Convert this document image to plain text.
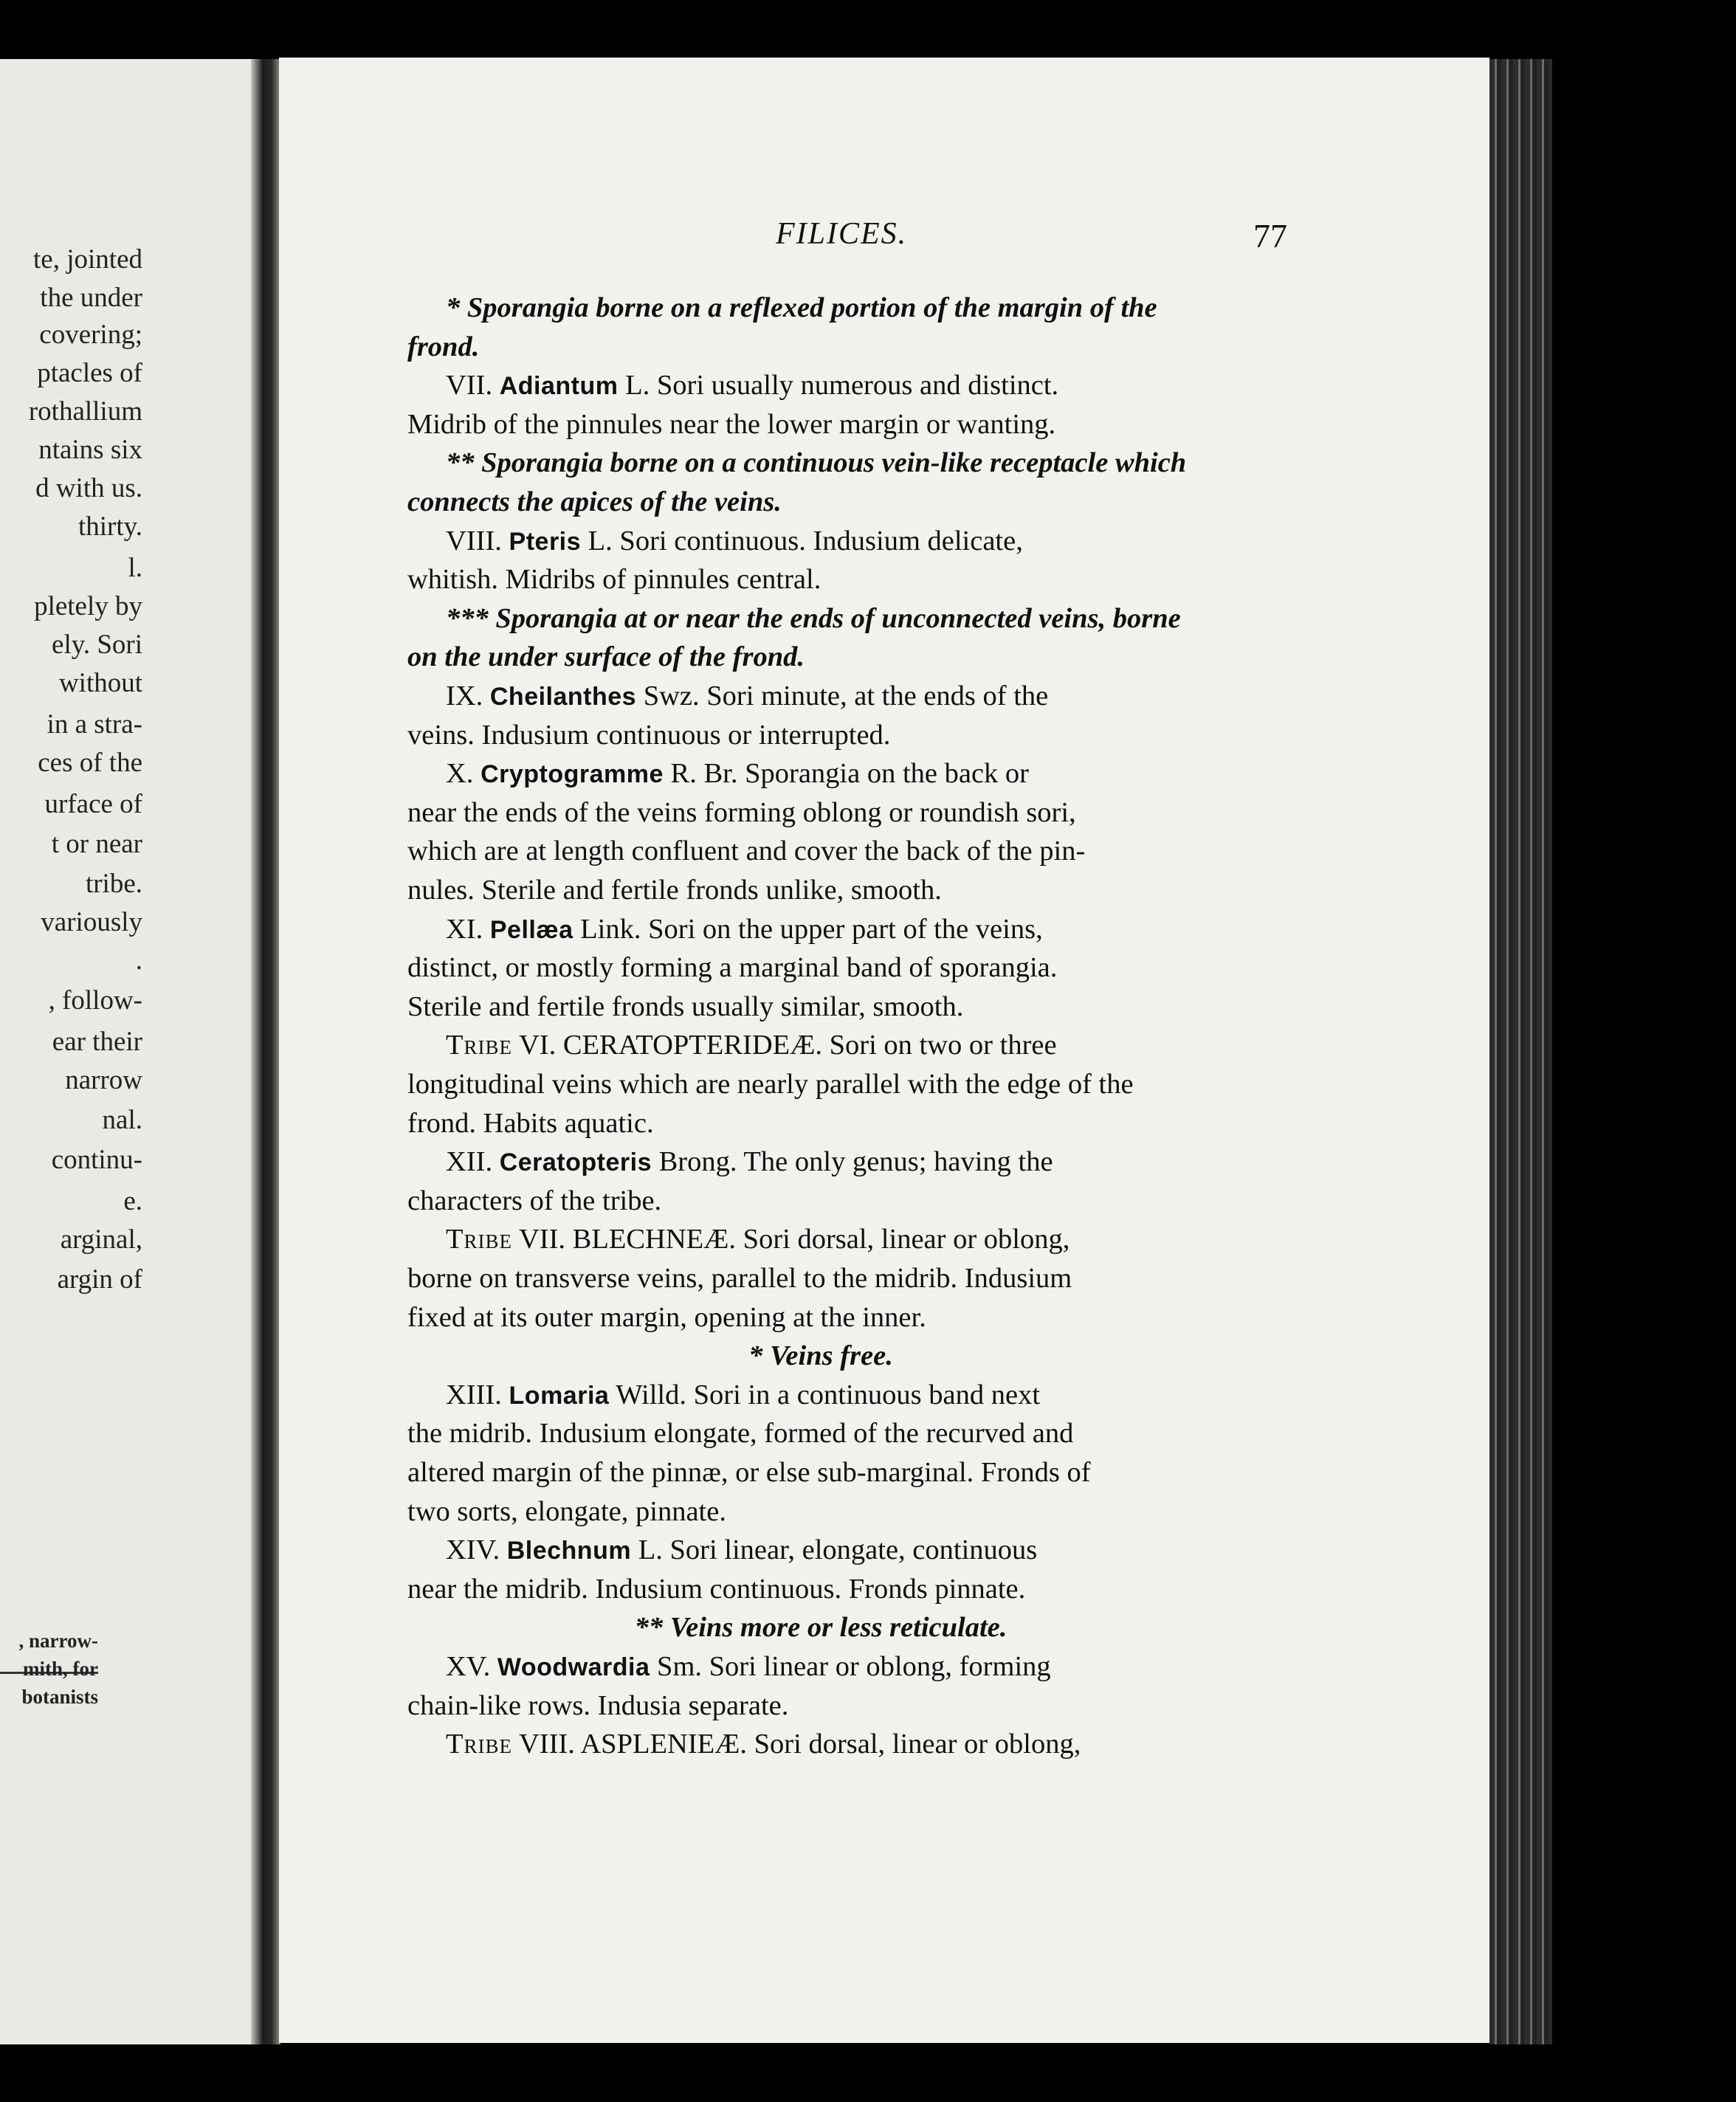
te, jointed
the under
covering;
ptacles of
rothallium
ntains six
d with us.
thirty.
l.
pletely by
ely. Sori
without
in a stra-
ces of the
urface of
t or near
tribe.
variously
.
, follow-
ear their
narrow
nal.
continu-
e.
arginal,
argin of
, narrow-
mith, for
botanists
FILICES.	77
* Sporangia borne on a reflexed portion of the margin of the
frond.
VII. Adiantum L. Sori usually numerous and distinct.
Midrib of the pinnules near the lower margin or wanting.
** Sporangia borne on a continuous vein-like receptacle which
connects the apices of the veins.
VIII. Pteris L. Sori continuous. Indusium delicate,
whitish. Midribs of pinnules central.
*** Sporangia at or near the ends of unconnected veins, borne
on the under surface of the frond.
IX. Cheilanthes Swz. Sori minute, at the ends of the
veins. Indusium continuous or interrupted.
X. Cryptogramme R. Br. Sporangia on the back or
near the ends of the veins forming oblong or roundish sori,
which are at length confluent and cover the back of the pin-
nules. Sterile and fertile fronds unlike, smooth.
XI. Pellæa Link. Sori on the upper part of the veins,
distinct, or mostly forming a marginal band of sporangia.
Sterile and fertile fronds usually similar, smooth.
Tribe VI. CERATOPTERIDEÆ. Sori on two or three
longitudinal veins which are nearly parallel with the edge of the
frond. Habits aquatic.
XII. Ceratopteris Brong. The only genus; having the
characters of the tribe.
Tribe VII. BLECHNEÆ. Sori dorsal, linear or oblong,
borne on transverse veins, parallel to the midrib. Indusium
fixed at its outer margin, opening at the inner.
* Veins free.
XIII. Lomaria Willd. Sori in a continuous band next
the midrib. Indusium elongate, formed of the recurved and
altered margin of the pinnæ, or else sub-marginal. Fronds of
two sorts, elongate, pinnate.
XIV. Blechnum L. Sori linear, elongate, continuous
near the midrib. Indusium continuous. Fronds pinnate.
** Veins more or less reticulate.
XV. Woodwardia Sm. Sori linear or oblong, forming
chain-like rows. Indusia separate.
Tribe VIII. ASPLENIEÆ. Sori dorsal, linear or oblong,
